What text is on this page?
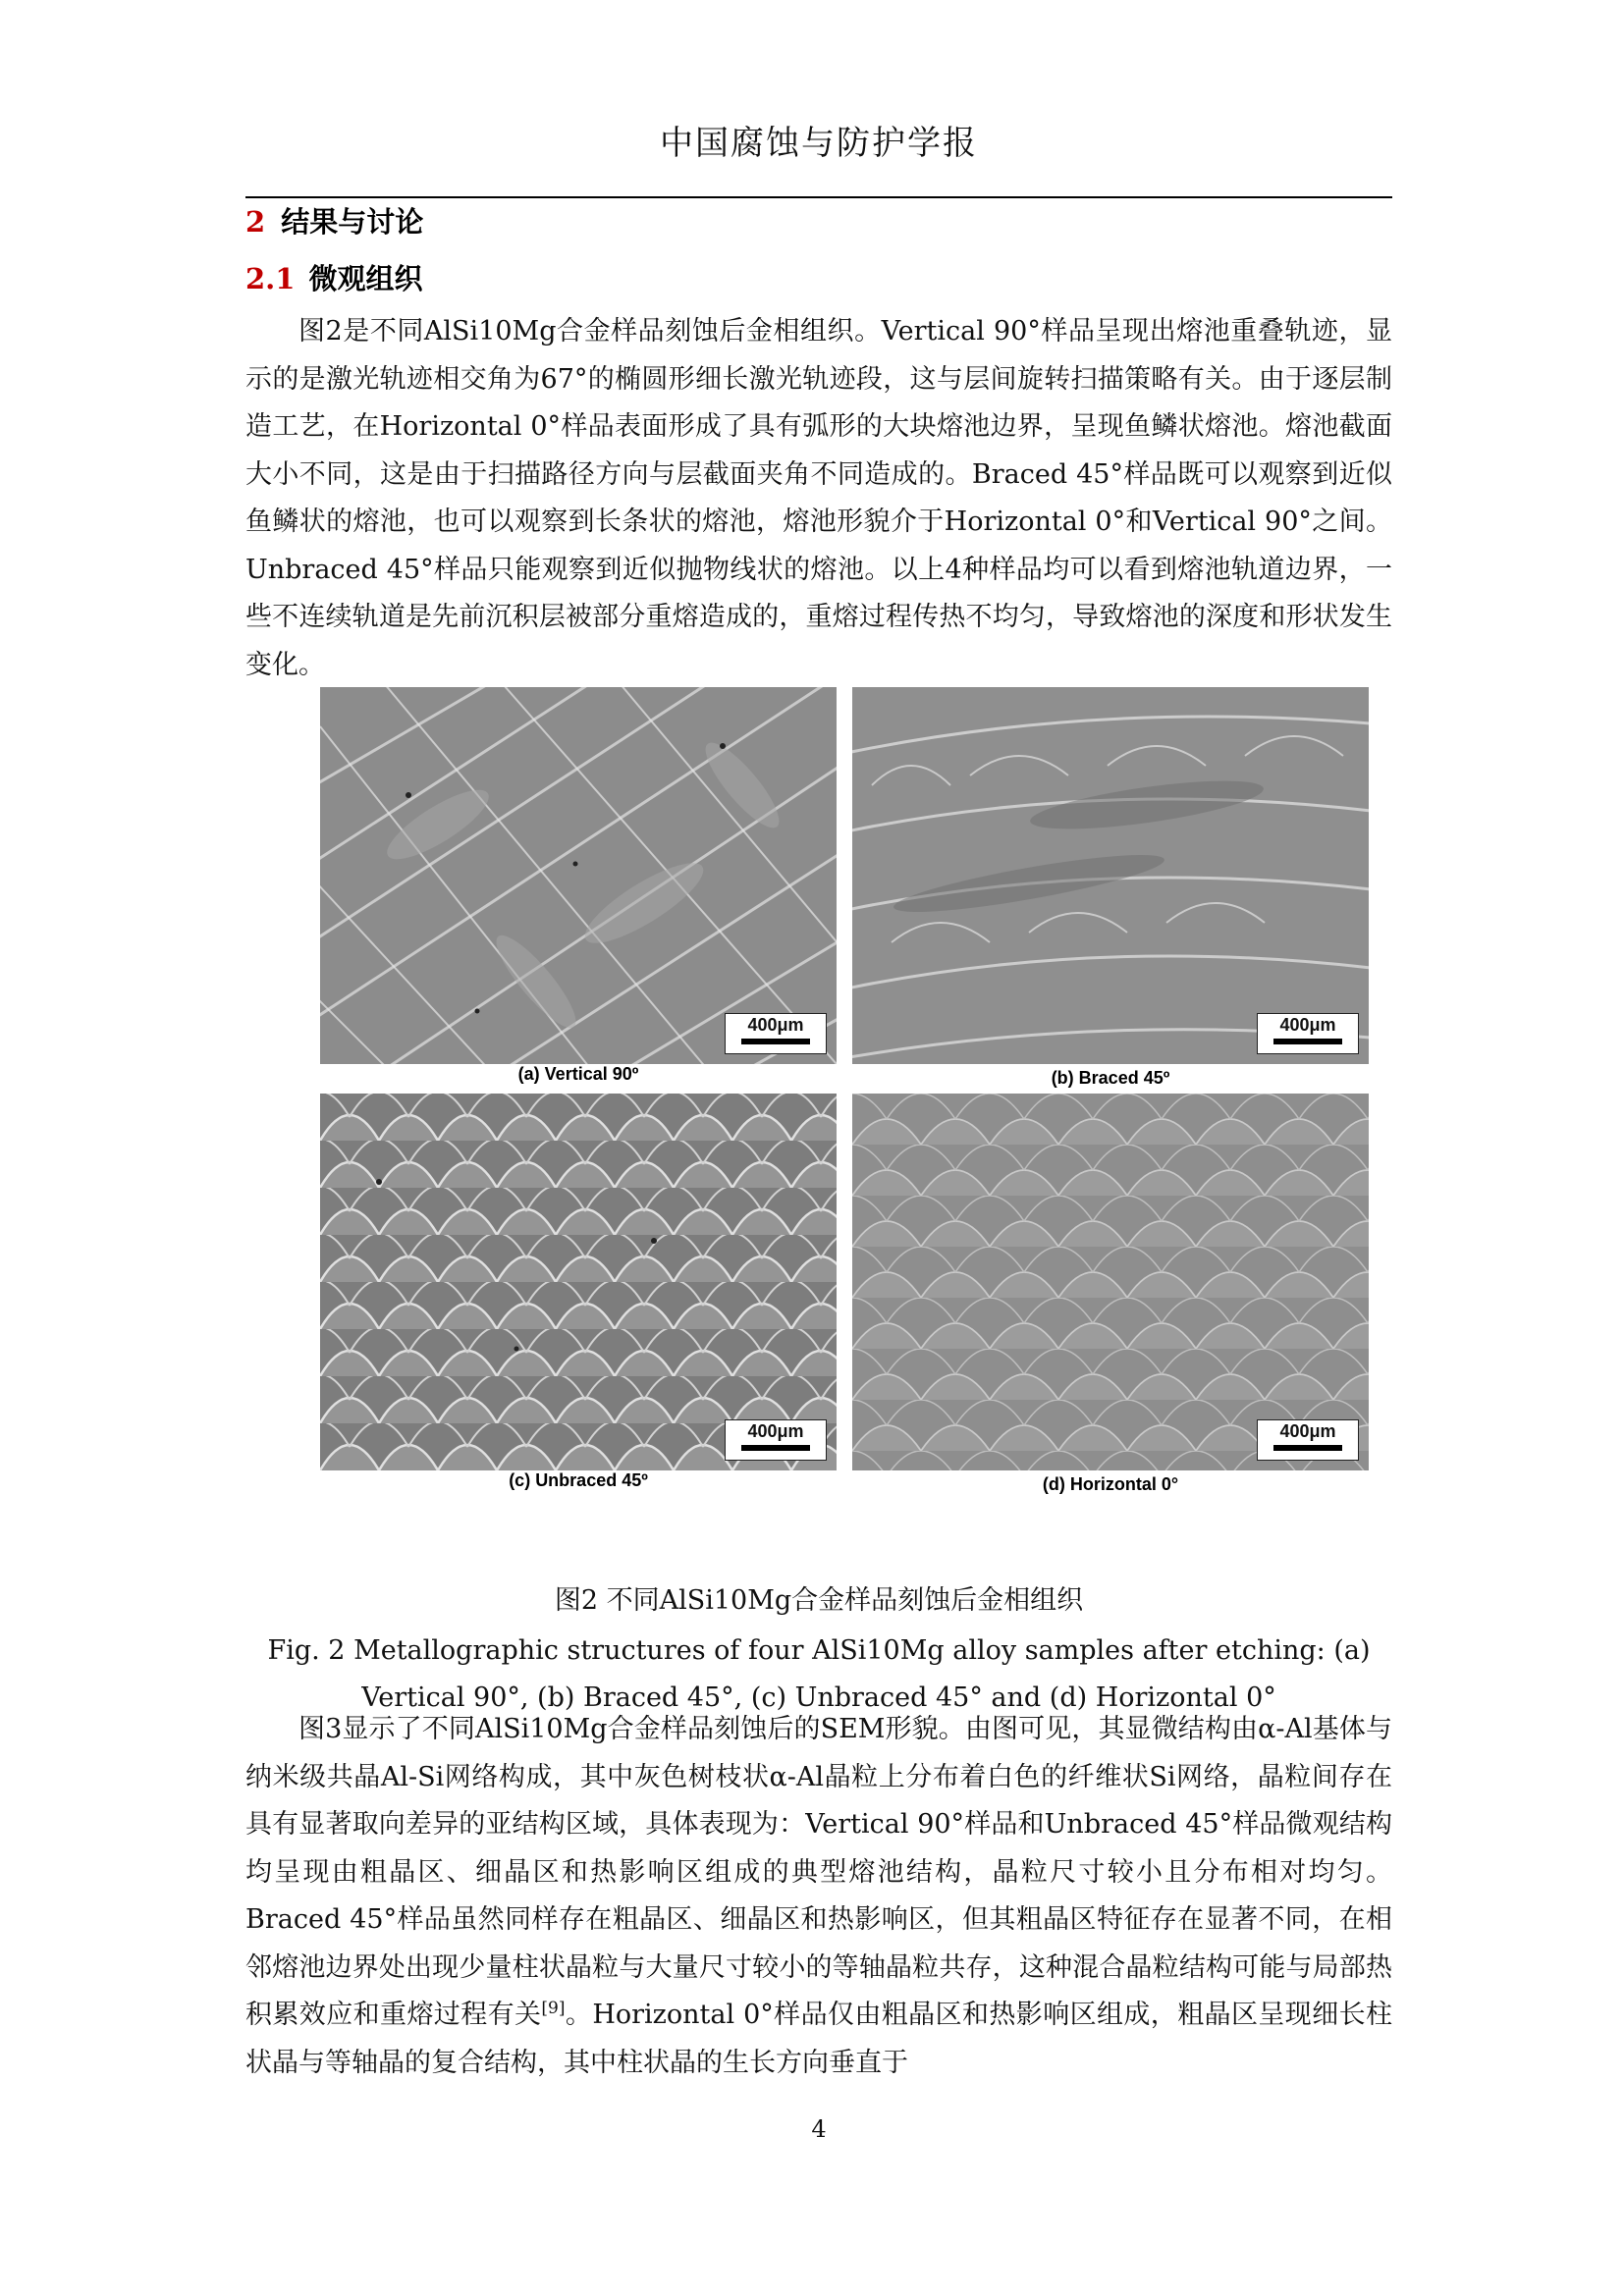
中国腐蚀与防护学报
2 结果与讨论
2.1 微观组织

图2是不同AlSi10Mg合金样品刻蚀后金相组织。Vertical 90°样品呈现出熔池重叠轨迹，显示的是激光轨迹相交角为67°的椭圆形细长激光轨迹段，这与层间旋转扫描策略有关。由于逐层制造工艺，在Horizontal 0°样品表面形成了具有弧形的大块熔池边界，呈现鱼鳞状熔池。熔池截面大小不同，这是由于扫描路径方向与层截面夹角不同造成的。Braced 45°样品既可以观察到近似鱼鳞状的熔池，也可以观察到长条状的熔池，熔池形貌介于Horizontal 0°和Vertical 90°之间。Unbraced 45°样品只能观察到近似抛物线状的熔池。以上4种样品均可以看到熔池轨道边界，一些不连续轨道是先前沉积层被部分重熔造成的，重熔过程传热不均匀，导致熔池的深度和形状发生变化。

400μm
(a) Vertical 90º
400μm
(b) Braced 45º
400μm
(c) Unbraced 45º
400μm
(d) Horizontal 0°
图2 不同AlSi10Mg合金样品刻蚀后金相组织
Fig. 2 Metallographic structures of four AlSi10Mg alloy samples after etching: (a) Vertical 90°, (b) Braced 45°, (c) Unbraced 45° and (d) Horizontal 0°

图3显示了不同AlSi10Mg合金样品刻蚀后的SEM形貌。由图可见，其显微结构由α-Al基体与纳米级共晶Al-Si网络构成，其中灰色树枝状α-Al晶粒上分布着白色的纤维状Si网络，晶粒间存在具有显著取向差异的亚结构区域，具体表现为：Vertical 90°样品和Unbraced 45°样品微观结构均呈现由粗晶区、细晶区和热影响区组成的典型熔池结构，晶粒尺寸较小且分布相对均匀。Braced 45°样品虽然同样存在粗晶区、细晶区和热影响区，但其粗晶区特征存在显著不同，在相邻熔池边界处出现少量柱状晶粒与大量尺寸较小的等轴晶粒共存，这种混合晶粒结构可能与局部热积累效应和重熔过程有关[9]。Horizontal 0°样品仅由粗晶区和热影响区组成，粗晶区呈现细长柱状晶与等轴晶的复合结构，其中柱状晶的生长方向垂直于

4
